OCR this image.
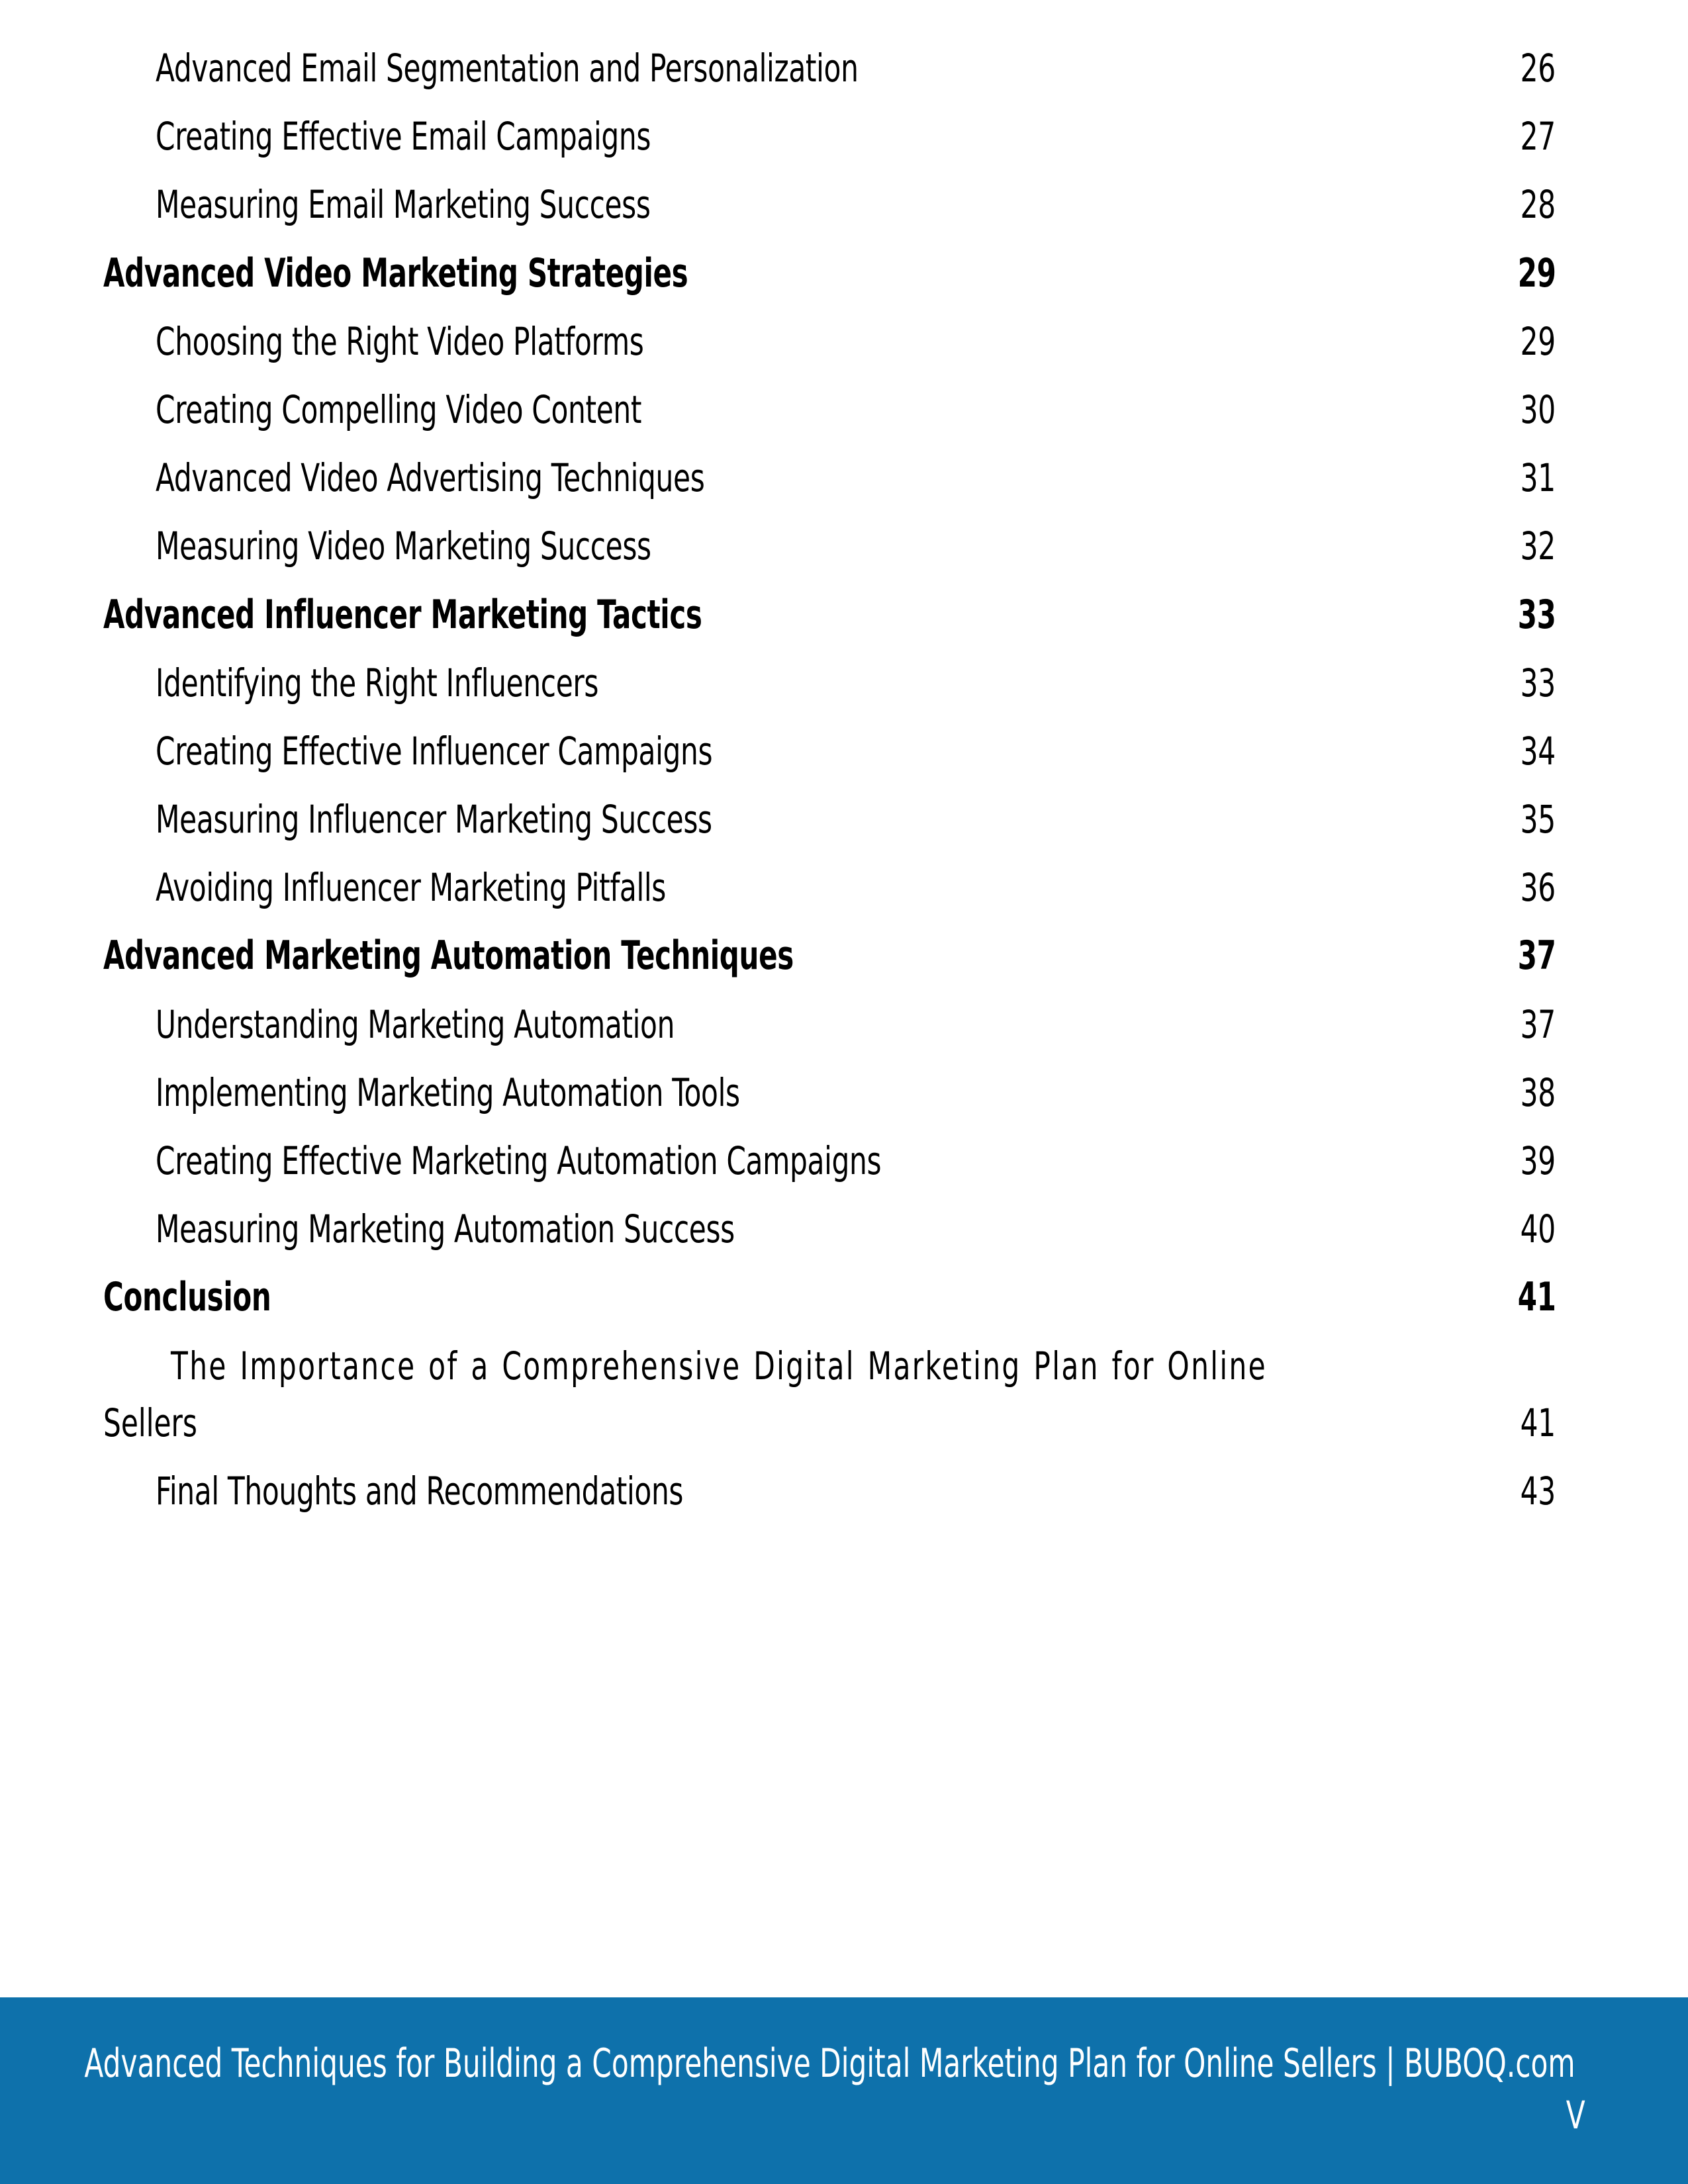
Advanced Email Segmentation and Personalization	26
Creating Effective Email Campaigns	27
Measuring Email Marketing Success	28
Advanced Video Marketing Strategies	29
Choosing the Right Video Platforms	29
Creating Compelling Video Content	30
Advanced Video Advertising Techniques	31
Measuring Video Marketing Success	32
Advanced Influencer Marketing Tactics	33
Identifying the Right Influencers	33
Creating Effective Influencer Campaigns	34
Measuring Influencer Marketing Success	35
Avoiding Influencer Marketing Pitfalls	36
Advanced Marketing Automation Techniques	37
Understanding Marketing Automation	37
Implementing Marketing Automation Tools	38
Creating Effective Marketing Automation Campaigns	39
Measuring Marketing Automation Success	40
Conclusion	41
The Importance of a Comprehensive Digital Marketing Plan for Online
Sellers	41
Final Thoughts and Recommendations	43
Advanced Techniques for Building a Comprehensive Digital Marketing Plan for Online Sellers | BUBOQ.com
V
